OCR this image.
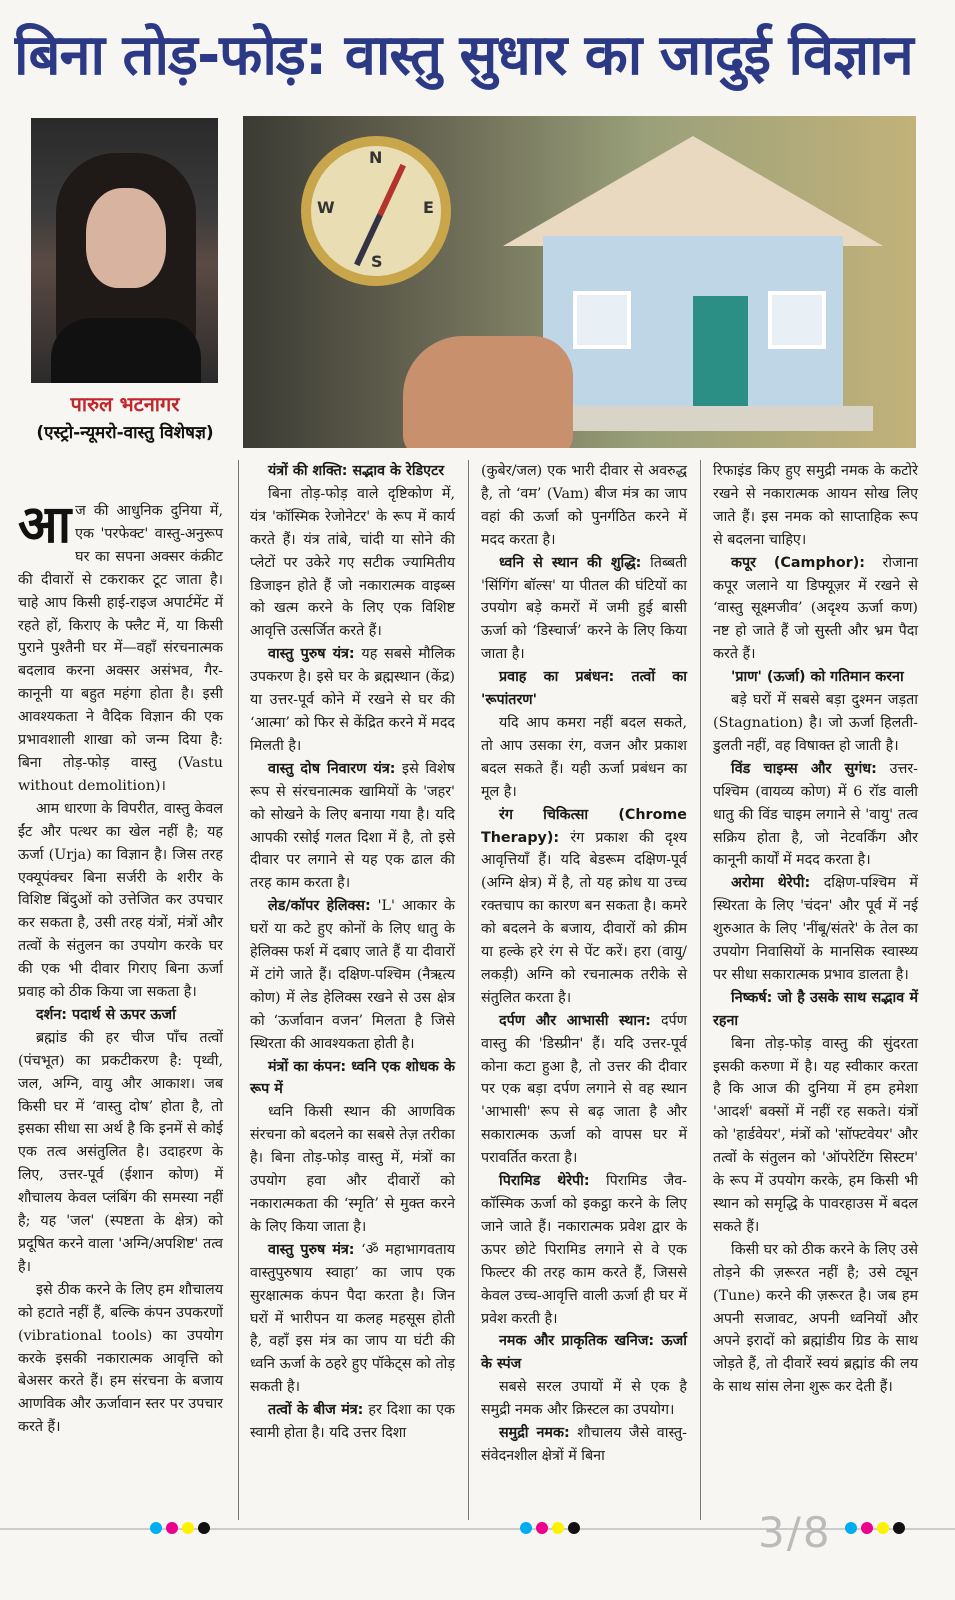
बिना तोड़-फोड़: वास्तु सुधार का जादुई विज्ञान
पारुल भटनागर
(एस्ट्रो-न्यूमरो-वास्तु विशेषज्ञ)
N
W	E
S

आज की आधुनिक दुनिया में, एक 'परफेक्ट' वास्तु-अनुरूप घर का सपना अक्सर कंक्रीट की दीवारों से टकराकर टूट जाता है। चाहे आप किसी हाई-राइज अपार्टमेंट में रहते हों, किराए के फ्लैट में, या किसी पुराने पुश्तैनी घर में—वहाँ संरचनात्मक बदलाव करना अक्सर असंभव, गैर-कानूनी या बहुत महंगा होता है। इसी आवश्यकता ने वैदिक विज्ञान की एक प्रभावशाली शाखा को जन्म दिया है: बिना तोड़-फोड़ वास्तु (Vastu without demolition)।

आम धारणा के विपरीत, वास्तु केवल ईंट और पत्थर का खेल नहीं है; यह ऊर्जा (Urja) का विज्ञान है। जिस तरह एक्यूपंक्चर बिना सर्जरी के शरीर के विशिष्ट बिंदुओं को उत्तेजित कर उपचार कर सकता है, उसी तरह यंत्रों, मंत्रों और तत्वों के संतुलन का उपयोग करके घर की एक भी दीवार गिराए बिना ऊर्जा प्रवाह को ठीक किया जा सकता है।

दर्शन: पदार्थ से ऊपर ऊर्जा

ब्रह्मांड की हर चीज पाँच तत्वों (पंचभूत) का प्रकटीकरण है: पृथ्वी, जल, अग्नि, वायु और आकाश। जब किसी घर में ‘वास्तु दोष’ होता है, तो इसका सीधा सा अर्थ है कि इनमें से कोई एक तत्व असंतुलित है। उदाहरण के लिए, उत्तर-पूर्व (ईशान कोण) में शौचालय केवल प्लंबिंग की समस्या नहीं है; यह 'जल' (स्पष्टता के क्षेत्र) को प्रदूषित करने वाला 'अग्नि/अपशिष्ट' तत्व है।

इसे ठीक करने के लिए हम शौचालय को हटाते नहीं हैं, बल्कि कंपन उपकरणों (vibrational tools) का उपयोग करके इसकी नकारात्मक आवृत्ति को बेअसर करते हैं। हम संरचना के बजाय आणविक और ऊर्जावान स्तर पर उपचार करते हैं।

यंत्रों की शक्ति: सद्भाव के रेडिएटर

बिना तोड़-फोड़ वाले दृष्टिकोण में, यंत्र 'कॉस्मिक रेजोनेटर' के रूप में कार्य करते हैं। यंत्र तांबे, चांदी या सोने की प्लेटों पर उकेरे गए सटीक ज्यामितीय डिजाइन होते हैं जो नकारात्मक वाइब्स को खत्म करने के लिए एक विशिष्ट आवृत्ति उत्सर्जित करते हैं।

वास्तु पुरुष यंत्र: यह सबसे मौलिक उपकरण है। इसे घर के ब्रह्मस्थान (केंद्र) या उत्तर-पूर्व कोने में रखने से घर की ‘आत्मा’ को फिर से केंद्रित करने में मदद मिलती है।

वास्तु दोष निवारण यंत्र: इसे विशेष रूप से संरचनात्मक खामियों के 'जहर' को सोखने के लिए बनाया गया है। यदि आपकी रसोई गलत दिशा में है, तो इसे दीवार पर लगाने से यह एक ढाल की तरह काम करता है।

लेड/कॉपर हेलिक्स: 'L' आकार के घरों या कटे हुए कोनों के लिए धातु के हेलिक्स फर्श में दबाए जाते हैं या दीवारों में टांगे जाते हैं। दक्षिण-पश्चिम (नैऋत्य कोण) में लेड हेलिक्स रखने से उस क्षेत्र को ‘ऊर्जावान वजन’ मिलता है जिसे स्थिरता की आवश्यकता होती है।

मंत्रों का कंपन: ध्वनि एक शोधक के रूप में

ध्वनि किसी स्थान की आणविक संरचना को बदलने का सबसे तेज़ तरीका है। बिना तोड़-फोड़ वास्तु में, मंत्रों का उपयोग हवा और दीवारों को नकारात्मकता की ‘स्मृति’ से मुक्त करने के लिए किया जाता है।

वास्तु पुरुष मंत्र: ‘ॐ महाभागवताय वास्तुपुरुषाय स्वाहा’ का जाप एक सुरक्षात्मक कंपन पैदा करता है। जिन घरों में भारीपन या कलह महसूस होती है, वहाँ इस मंत्र का जाप या घंटी की ध्वनि ऊर्जा के ठहरे हुए पॉकेट्स को तोड़ सकती है।

तत्वों के बीज मंत्र: हर दिशा का एक स्वामी होता है। यदि उत्तर दिशा

(कुबेर/जल) एक भारी दीवार से अवरुद्ध है, तो ‘वम’ (Vam) बीज मंत्र का जाप वहां की ऊर्जा को पुनर्गठित करने में मदद करता है।

ध्वनि से स्थान की शुद्धि: तिब्बती 'सिंगिंग बॉल्स' या पीतल की घंटियों का उपयोग बड़े कमरों में जमी हुई बासी ऊर्जा को ‘डिस्चार्ज’ करने के लिए किया जाता है।

प्रवाह का प्रबंधन: तत्वों का 'रूपांतरण'

यदि आप कमरा नहीं बदल सकते, तो आप उसका रंग, वजन और प्रकाश बदल सकते हैं। यही ऊर्जा प्रबंधन का मूल है।

रंग चिकित्सा (Chrome Therapy): रंग प्रकाश की दृश्य आवृत्तियाँ हैं। यदि बेडरूम दक्षिण-पूर्व (अग्नि क्षेत्र) में है, तो यह क्रोध या उच्च रक्तचाप का कारण बन सकता है। कमरे को बदलने के बजाय, दीवारों को क्रीम या हल्के हरे रंग से पेंट करें। हरा (वायु/लकड़ी) अग्नि को रचनात्मक तरीके से संतुलित करता है।

दर्पण और आभासी स्थान: दर्पण वास्तु की 'डिस्प्रीन' हैं। यदि उत्तर-पूर्व कोना कटा हुआ है, तो उत्तर की दीवार पर एक बड़ा दर्पण लगाने से वह स्थान 'आभासी' रूप से बढ़ जाता है और सकारात्मक ऊर्जा को वापस घर में परावर्तित करता है।

पिरामिड थेरेपी: पिरामिड जैव-कॉस्मिक ऊर्जा को इकट्ठा करने के लिए जाने जाते हैं। नकारात्मक प्रवेश द्वार के ऊपर छोटे पिरामिड लगाने से वे एक फिल्टर की तरह काम करते हैं, जिससे केवल उच्च-आवृत्ति वाली ऊर्जा ही घर में प्रवेश करती है।

नमक और प्राकृतिक खनिज: ऊर्जा के स्पंज

सबसे सरल उपायों में से एक है समुद्री नमक और क्रिस्टल का उपयोग।

समुद्री नमक: शौचालय जैसे वास्तु-संवेदनशील क्षेत्रों में बिना

रिफाइंड किए हुए समुद्री नमक के कटोरे रखने से नकारात्मक आयन सोख लिए जाते हैं। इस नमक को साप्ताहिक रूप से बदलना चाहिए।

कपूर (Camphor): रोजाना कपूर जलाने या डिफ्यूज़र में रखने से ‘वास्तु सूक्ष्मजीव’ (अदृश्य ऊर्जा कण) नष्ट हो जाते हैं जो सुस्ती और भ्रम पैदा करते हैं।

'प्राण' (ऊर्जा) को गतिमान करना

बड़े घरों में सबसे बड़ा दुश्मन जड़ता (Stagnation) है। जो ऊर्जा हिलती-डुलती नहीं, वह विषाक्त हो जाती है।

विंड चाइम्स और सुगंध: उत्तर-पश्चिम (वायव्य कोण) में 6 रॉड वाली धातु की विंड चाइम लगाने से 'वायु' तत्व सक्रिय होता है, जो नेटवर्किंग और कानूनी कार्यों में मदद करता है।

अरोमा थेरेपी: दक्षिण-पश्चिम में स्थिरता के लिए 'चंदन' और पूर्व में नई शुरुआत के लिए 'नींबू/संतरे' के तेल का उपयोग निवासियों के मानसिक स्वास्थ्य पर सीधा सकारात्मक प्रभाव डालता है।

निष्कर्ष: जो है उसके साथ सद्भाव में रहना

बिना तोड़-फोड़ वास्तु की सुंदरता इसकी करुणा में है। यह स्वीकार करता है कि आज की दुनिया में हम हमेशा 'आदर्श' बक्सों में नहीं रह सकते। यंत्रों को 'हार्डवेयर', मंत्रों को 'सॉफ्टवेयर' और तत्वों के संतुलन को 'ऑपरेटिंग सिस्टम' के रूप में उपयोग करके, हम किसी भी स्थान को समृद्धि के पावरहाउस में बदल सकते हैं।

किसी घर को ठीक करने के लिए उसे तोड़ने की ज़रूरत नहीं है; उसे ट्यून (Tune) करने की ज़रूरत है। जब हम अपनी सजावट, अपनी ध्वनियों और अपने इरादों को ब्रह्मांडीय ग्रिड के साथ जोड़ते हैं, तो दीवारें स्वयं ब्रह्मांड की लय के साथ सांस लेना शुरू कर देती हैं।

3/8
